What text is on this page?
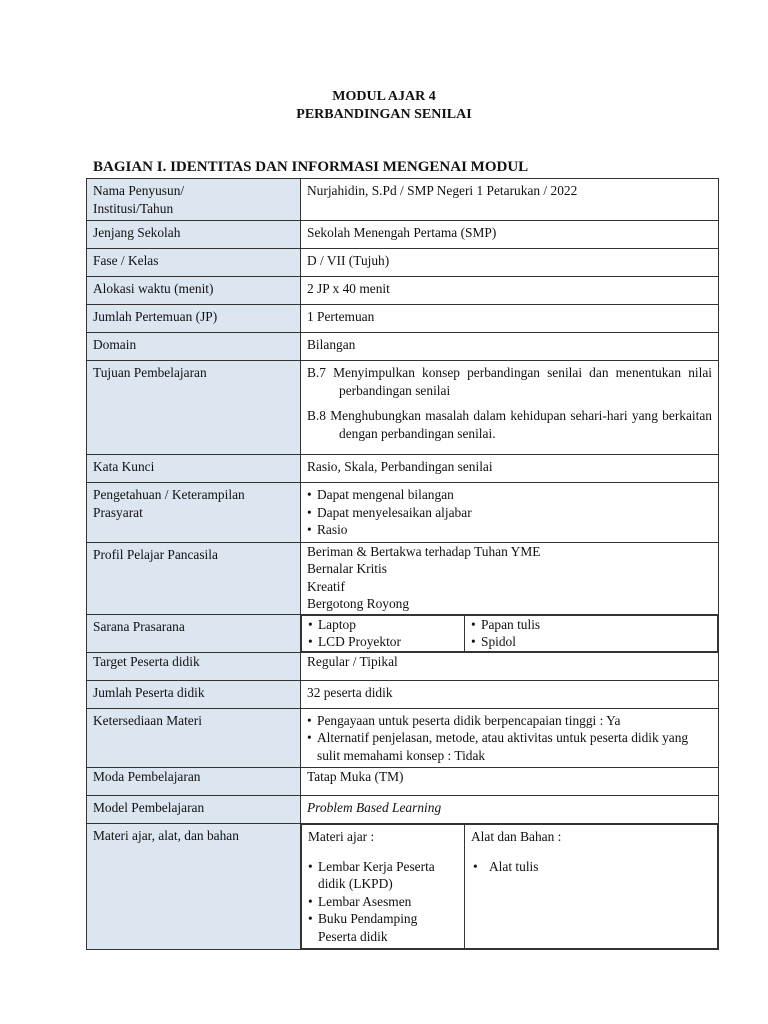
MODUL AJAR 4
PERBANDINGAN SENILAI
BAGIAN I. IDENTITAS DAN INFORMASI MENGENAI MODUL
Nama Penyusun/
Institusi/Tahun
	Nurjahidin, S.Pd / SMP Negeri 1 Petarukan / 2022
Jenjang Sekolah	Sekolah Menengah Pertama (SMP)
Fase / Kelas	D / VII (Tujuh)
Alokasi waktu (menit)	2 JP x 40 menit
Jumlah Pertemuan (JP)	1 Pertemuan
Domain	Bilangan
Tujuan Pembelajaran	B.7 Menyimpulkan konsep perbandingan senilai dan menentukan nilai perbandingan senilai

B.8 Menghubungkan masalah dalam kehidupan sehari-hari yang berkaitan dengan perbandingan senilai.

Kata Kunci	Rasio, Skala, Perbandingan senilai

Pengetahuan / Keterampilan
Prasyarat

• Dapat mengenal bilangan
• Dapat menyelesaikan aljabar
• Rasio

Profil Pelajar Pancasila	Beriman & Bertakwa terhadap Tuhan YME
Bernalar Kritis
Kreatif
Bergotong Royong

Sarana Prasarana	
•	Laptop
• LCD Proyektor

• Papan tulis
• Spidol

Target Peserta didik	Regular / Tipikal
Jumlah Peserta didik	32 peserta didik
Ketersediaan Materi	
•Pengayaan untuk peserta didik berpencapaian tinggi : Ya
• Alternatif penjelasan, metode, atau aktivitas untuk peserta didik yang sulit memahami konsep : Tidak

Moda Pembelajaran	Tatap Muka (TM)
Model Pembelajaran	Problem Based Learning
Materi ajar, alat, dan bahan		Materi ajar :
• Lembar Kerja Peserta didik (LKPD)
• Lembar Asesmen
• Buku Pendamping Peserta didik

Alat dan Bahan :
• Alat tulis
